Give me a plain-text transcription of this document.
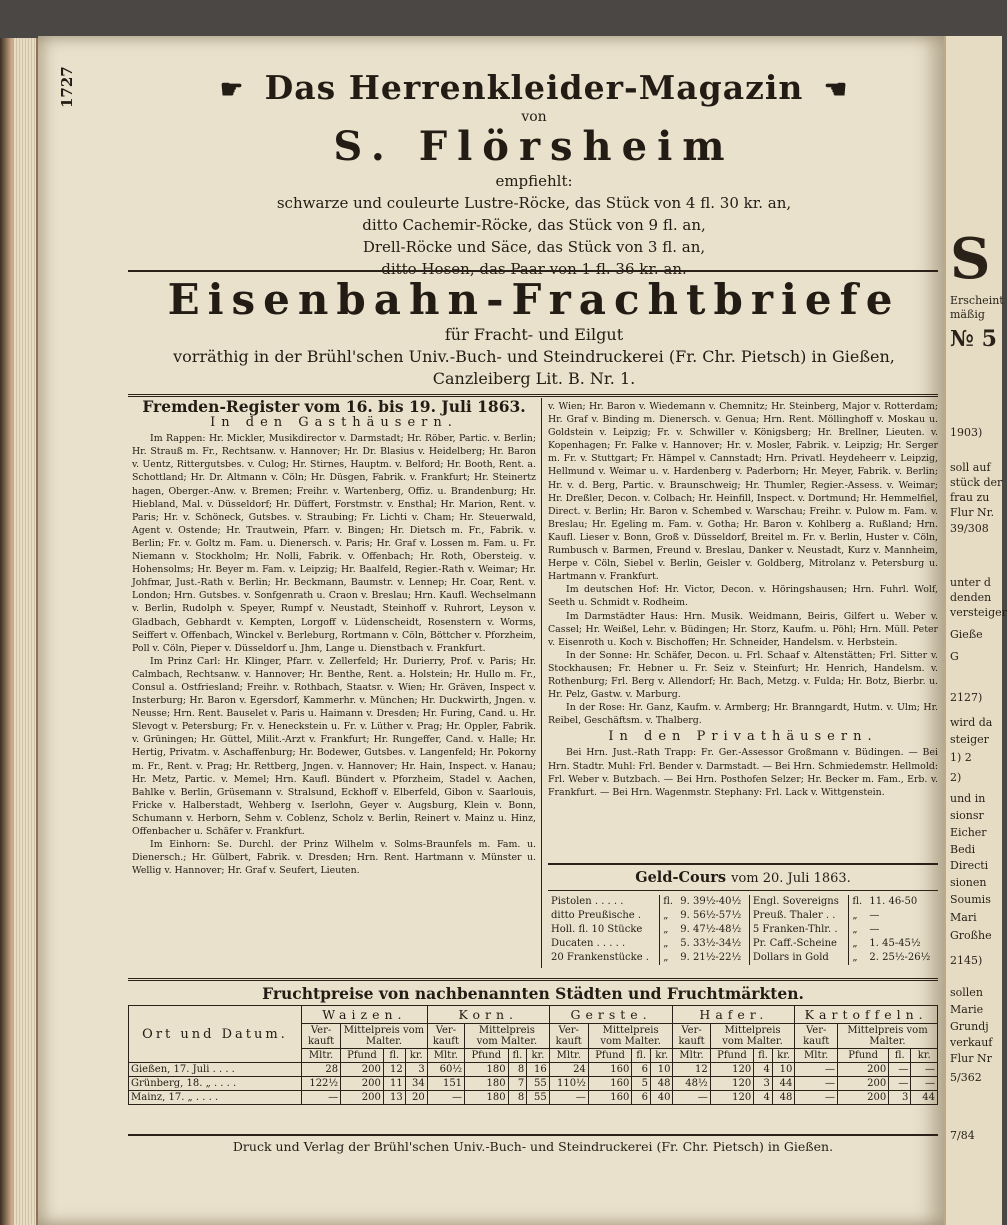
1727	☛ Das Herrenkleider-Magazin ☚
von
S. Flörsheim
empfiehlt:
schwarze und couleurte Lustre-Röcke, das Stück von 4 fl. 30 kr. an,
ditto Cachemir-Röcke, das Stück von 9 fl. an,
Drell-Röcke und Säce, das Stück von 3 fl. an,
ditto Hosen, das Paar von 1 fl. 36 kr. an.
Eisenbahn-Frachtbriefe
für Fracht- und Eilgut
vorräthig in der Brühl'schen Univ.-Buch- und Steindruckerei (Fr. Chr. Pietsch) in Gießen,
Canzleiberg Lit. B. Nr. 1.
Fremden-Register vom 16. bis 19. Juli 1863.
In den Gasthäusern.

Im Rappen: Hr. Mickler, Musikdirector v. Darmstadt; Hr. Röber, Partic. v. Berlin; Hr. Strauß m. Fr., Rechtsanw. v. Hannover; Hr. Dr. Blasius v. Heidelberg; Hr. Baron v. Uentz, Rittergutsbes. v. Culog; Hr. Stirnes, Hauptm. v. Belford; Hr. Booth, Rent. a. Schottland; Hr. Dr. Altmann v. Cöln; Hr. Düsgen, Fabrik. v. Frankfurt; Hr. Steinertz hagen, Oberger.-Anw. v. Bremen; Freihr. v. Wartenberg, Offiz. u. Brandenburg; Hr. Hiebland, Mal. v. Düsseldorf; Hr. Düffert, Forstmstr. v. Ensthal; Hr. Marion, Rent. v. Paris; Hr. v. Schöneck, Gutsbes. v. Straubing; Fr. Lichti v. Cham; Hr. Steuerwald, Agent v. Ostende; Hr. Trautwein, Pfarr. v. Bingen; Hr. Dietsch m. Fr., Fabrik. v. Berlin; Fr. v. Goltz m. Fam. u. Dienersch. v. Paris; Hr. Graf v. Lossen m. Fam. u. Fr. Niemann v. Stockholm; Hr. Nolli, Fabrik. v. Offenbach; Hr. Roth, Obersteig. v. Hohensolms; Hr. Beyer m. Fam. v. Leipzig; Hr. Baalfeld, Regier.-Rath v. Weimar; Hr. Johfmar, Just.-Rath v. Berlin; Hr. Beckmann, Baumstr. v. Lennep; Hr. Coar, Rent. v. London; Hrn. Gutsbes. v. Sonfgenrath u. Craon v. Breslau; Hrn. Kaufl. Wechselmann v. Berlin, Rudolph v. Speyer, Rumpf v. Neustadt, Steinhoff v. Ruhrort, Leyson v. Gladbach, Gebhardt v. Kempten, Lorgoff v. Lüdenscheidt, Rosenstern v. Worms, Seiffert v. Offenbach, Winckel v. Berleburg, Rortmann v. Cöln, Böttcher v. Pforzheim, Poll v. Cöln, Pieper v. Düsseldorf u. Jhm, Lange u. Dienstbach v. Frankfurt.

Im Prinz Carl: Hr. Klinger, Pfarr. v. Zellerfeld; Hr. Durierry, Prof. v. Paris; Hr. Calmbach, Rechtsanw. v. Hannover; Hr. Benthe, Rent. a. Holstein; Hr. Hullo m. Fr., Consul a. Ostfriesland; Freihr. v. Rothbach, Staatsr. v. Wien; Hr. Gräven, Inspect v. Insterburg; Hr. Baron v. Egersdorf, Kammerhr. v. München; Hr. Duckwirth, Jngen. v. Neusse; Hrn. Rent. Bauselet v. Paris u. Haimann v. Dresden; Hr. Furing, Cand. u. Hr. Slevogt v. Petersburg; Fr. v. Heneckstein u. Fr. v. Lüther v. Prag; Hr. Oppler, Fabrik. v. Grüningen; Hr. Güttel, Milit.-Arzt v. Frankfurt; Hr. Rungeffer, Cand. v. Halle; Hr. Hertig, Privatm. v. Aschaffenburg; Hr. Bodewer, Gutsbes. v. Langenfeld; Hr. Pokorny m. Fr., Rent. v. Prag; Hr. Rettberg, Jngen. v. Hannover; Hr. Hain, Inspect. v. Hanau; Hr. Metz, Partic. v. Memel; Hrn. Kaufl. Bündert v. Pforzheim, Stadel v. Aachen, Bahlke v. Berlin, Grüsemann v. Stralsund, Eckhoff v. Elberfeld, Gibon v. Saarlouis, Fricke v. Halberstadt, Wehberg v. Iserlohn, Geyer v. Augsburg, Klein v. Bonn, Schumann v. Herborn, Sehm v. Coblenz, Scholz v. Berlin, Reinert v. Mainz u. Hinz, Offenbacher u. Schäfer v. Frankfurt.

Im Einhorn: Se. Durchl. der Prinz Wilhelm v. Solms-Braunfels m. Fam. u. Dienersch.; Hr. Gülbert, Fabrik. v. Dresden; Hrn. Rent. Hartmann v. Münster u. Wellig v. Hannover; Hr. Graf v. Seufert, Lieuten.

v. Wien; Hr. Baron v. Wiedemann v. Chemnitz; Hr. Steinberg, Major v. Rotterdam; Hr. Graf v. Binding m. Dienersch. v. Genua; Hrn. Rent. Möllinghoff v. Moskau u. Goldstein v. Leipzig; Fr. v. Schwiller v. Königsberg; Hr. Brellner, Lieuten. v. Kopenhagen; Fr. Falke v. Hannover; Hr. v. Mosler, Fabrik. v. Leipzig; Hr. Serger m. Fr. v. Stuttgart; Fr. Hämpel v. Cannstadt; Hrn. Privatl. Heydeheerr v. Leipzig, Hellmund v. Weimar u. v. Hardenberg v. Paderborn; Hr. Meyer, Fabrik. v. Berlin; Hr. v. d. Berg, Partic. v. Braunschweig; Hr. Thumler, Regier.-Assess. v. Weimar; Hr. Dreßler, Decon. v. Colbach; Hr. Heinfill, Inspect. v. Dortmund; Hr. Hemmelfiel, Direct. v. Berlin; Hr. Baron v. Schembed v. Warschau; Freihr. v. Pulow m. Fam. v. Breslau; Hr. Egeling m. Fam. v. Gotha; Hr. Baron v. Kohlberg a. Rußland; Hrn. Kaufl. Lieser v. Bonn, Groß v. Düsseldorf, Breitel m. Fr. v. Berlin, Huster v. Cöln, Rumbusch v. Barmen, Freund v. Breslau, Danker v. Neustadt, Kurz v. Mannheim, Herpe v. Cöln, Siebel v. Berlin, Geisler v. Goldberg, Mitrolanz v. Petersburg u. Hartmann v. Frankfurt.

Im deutschen Hof: Hr. Victor, Decon. v. Höringshausen; Hrn. Fuhrl. Wolf, Seeth u. Schmidt v. Rodheim.

Im Darmstädter Haus: Hrn. Musik. Weidmann, Beiris, Gilfert u. Weber v. Cassel; Hr. Weißel, Lehr. v. Büdingen; Hr. Storz, Kaufm. u. Pöhl; Hrn. Müll. Peter v. Eisenroth u. Koch v. Bischoffen; Hr. Schneider, Handelsm. v. Herbstein.

In der Sonne: Hr. Schäfer, Decon. u. Frl. Schaaf v. Altenstätten; Frl. Sitter v. Stockhausen; Fr. Hebner u. Fr. Seiz v. Steinfurt; Hr. Henrich, Handelsm. v. Rothenburg; Frl. Berg v. Allendorf; Hr. Bach, Metzg. v. Fulda; Hr. Botz, Bierbr. u. Hr. Pelz, Gastw. v. Marburg.

In der Rose: Hr. Ganz, Kaufm. v. Armberg; Hr. Branngardt, Hutm. v. Ulm; Hr. Reibel, Geschäftsm. v. Thalberg.

In den Privathäusern.

Bei Hrn. Just.-Rath Trapp: Fr. Ger.-Assessor Großmann v. Büdingen. — Bei Hrn. Stadtr. Muhl: Frl. Bender v. Darmstadt. — Bei Hrn. Schmiedemstr. Hellmold: Frl. Weber v. Butzbach. — Bei Hrn. Posthofen Selzer; Hr. Becker m. Fam., Erb. v. Frankfurt. — Bei Hrn. Wagenmstr. Stephany: Frl. Lack v. Wittgenstein.

Geld-Cours vom 20. Juli 1863.
Pistolen . . . . .	fl.	9. 39½-40½	Engl. Sovereigns	fl.	11. 46-50
ditto Preußische .	„	9. 56½-57½	Preuß. Thaler . .	„	—
Holl. fl. 10 Stücke	„	9. 47½-48½	5 Franken-Thlr. .	„	—
Ducaten . . . . .	„	5. 33½-34½	Pr. Caff.-Scheine	„	1. 45-45½
20 Frankenstücke .	„	9. 21½-22½	Dollars in Gold	„	2. 25½-26½
Fruchtpreise von nachbenannten Städten und Fruchtmärkten.
Ort und Datum.	Waizen.				Korn.				Gerste.				Hafer.				Kartoffeln.			
	Ver-kauft	Mittelpreis vom Malter.			Ver-kauft	Mittelpreis vom Malter.			Ver-kauft	Mittelpreis vom Malter.			Ver-kauft	Mittelpreis vom Malter.			Ver-kauft	Mittelpreis vom Malter.		
	Mltr.	Pfund	fl.	kr.	Mltr.	Pfund	fl.	kr.	Mltr.	Pfund	fl.	kr.	Mltr.	Pfund	fl.	kr.	Mltr.	Pfund	fl.	kr.
Gießen, 17. Juli . . . .	28	200	12	3	60½	180	8	16	24	160	6	10	12	120	4	10	—	200	—	—
Grünberg, 18. „ . . . .	122½	200	11	34	151	180	7	55	110½	160	5	48	48½	120	3	44	—	200	—	—
Mainz, 17. „ . . . .	—	200	13	20	—	180	8	55	—	160	6	40	—	120	4	48	—	200	3	44
Druck und Verlag der Brühl'schen Univ.-Buch- und Steindruckerei (Fr. Chr. Pietsch) in Gießen.
S
Erscheint
mäßig
№ 5
1903)
soll auf
stück der
frau zu
Flur Nr.
39/308
unter d
denden
versteiger
Gieße
G
2127)
wird da
steiger
1) 2
2)
und in
sionsr
Eicher
Bedi
Directi
sionen
Soumis
Mari
Großhe
2145)
sollen
Marie
Grundj
verkauf
Flur Nr
5/362
7/84
